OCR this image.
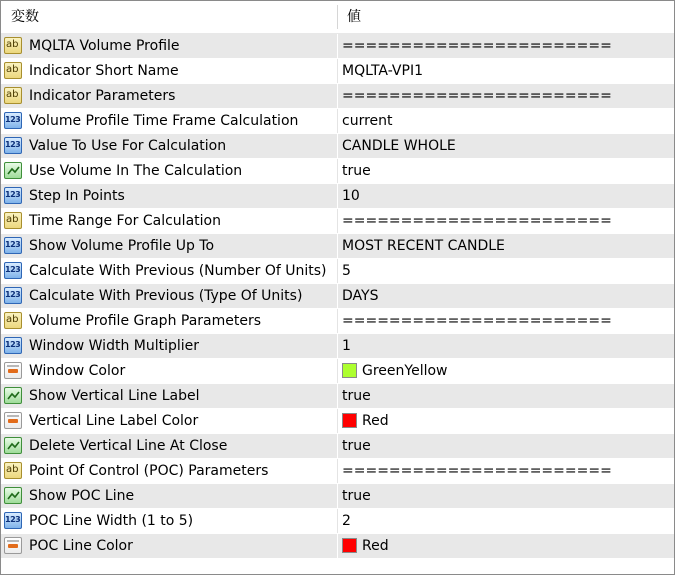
変数	値
ab MQLTA Volume Profile	=======================
ab Indicator Short Name	MQLTA-VPI1
ab Indicator Parameters	=======================
123 Volume Profile Time Frame Calculation	current
123 Value To Use For Calculation	CANDLE WHOLE
Use Volume In The Calculation	true
123 Step In Points	10
ab Time Range For Calculation	=======================
123 Show Volume Profile Up To	MOST RECENT CANDLE
123 Calculate With Previous (Number Of Units) 5
123 Calculate With Previous (Type Of Units)	DAYS
ab Volume Profile Graph Parameters	=======================
123 Window Width Multiplier	1
Window Color	GreenYellow
Show Vertical Line Label	true
Vertical Line Label Color	Red
Delete Vertical Line At Close	true
ab Point Of Control (POC) Parameters	=======================
Show POC Line	true
123 POC Line Width (1 to 5)	2
POC Line Color	Red
